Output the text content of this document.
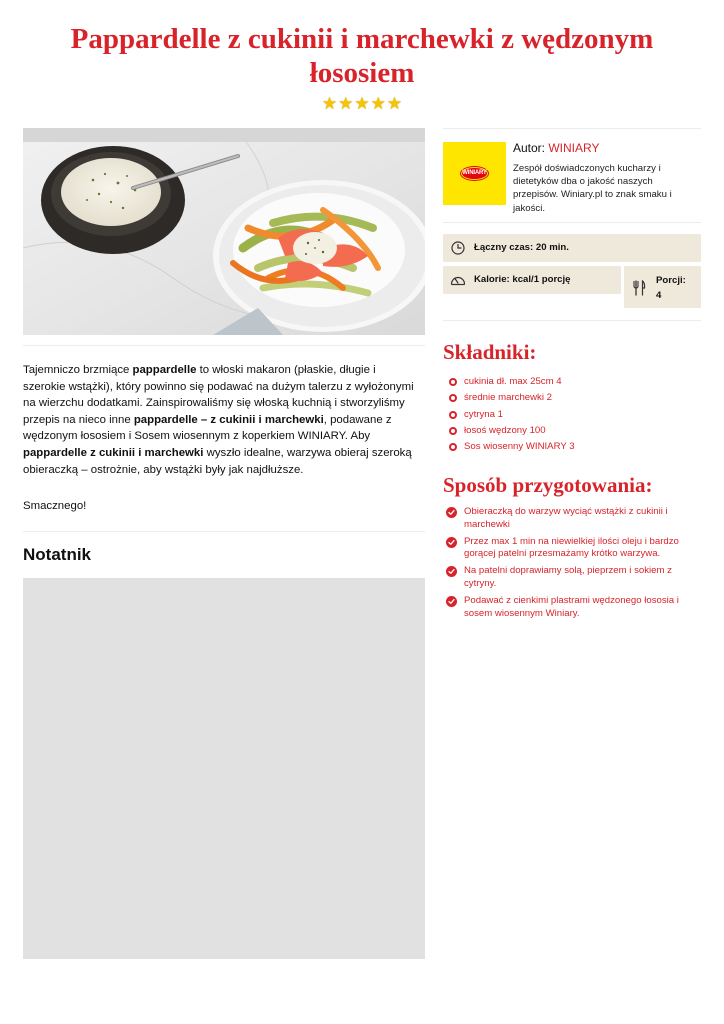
Pappardelle z cukinii i marchewki z wędzonym łososiem
★★★★★

Tajemniczo brzmiące pappardelle to włoski makaron (płaskie, długie i szerokie wstążki), który powinno się podawać na dużym talerzu z wyłożonymi na wierzchu dodatkami. Zainspirowaliśmy się włoską kuchnią i stworzyliśmy przepis na nieco inne pappardelle – z cukinii i marchewki, podawane z wędzonym łososiem i Sosem wiosennym z koperkiem WINIARY. Aby pappardelle z cukinii i marchewki wyszło idealne, warzywa obieraj szeroką obieraczką – ostrożnie, aby wstążki były jak najdłuższe.

Smacznego!

Notatnik
WINIARY

Autor: WINIARY

Zespół doświadczonych kucharzy i dietetyków dba o jakość naszych przepisów. Winiary.pl to znak smaku i jakości.

Łączny czas: 20 min.
Kalorie: kcal/1 porcję	Porcji:
4
Składniki:
cukinia dł. max 25cm 4
średnie marchewki 2
cytryna 1
łosoś wędzony 100
Sos wiosenny WINIARY 3
Sposób przygotowania:
Obieraczką do warzyw wyciąć wstążki z cukinii i marchewki
Przez max 1 min na niewielkiej ilości oleju i bardzo gorącej patelni przesmażamy krótko warzywa.
Na patelni doprawiamy solą, pieprzem i sokiem z cytryny.
Podawać z cienkimi plastrami wędzonego łososia i sosem wiosennym Winiary.
